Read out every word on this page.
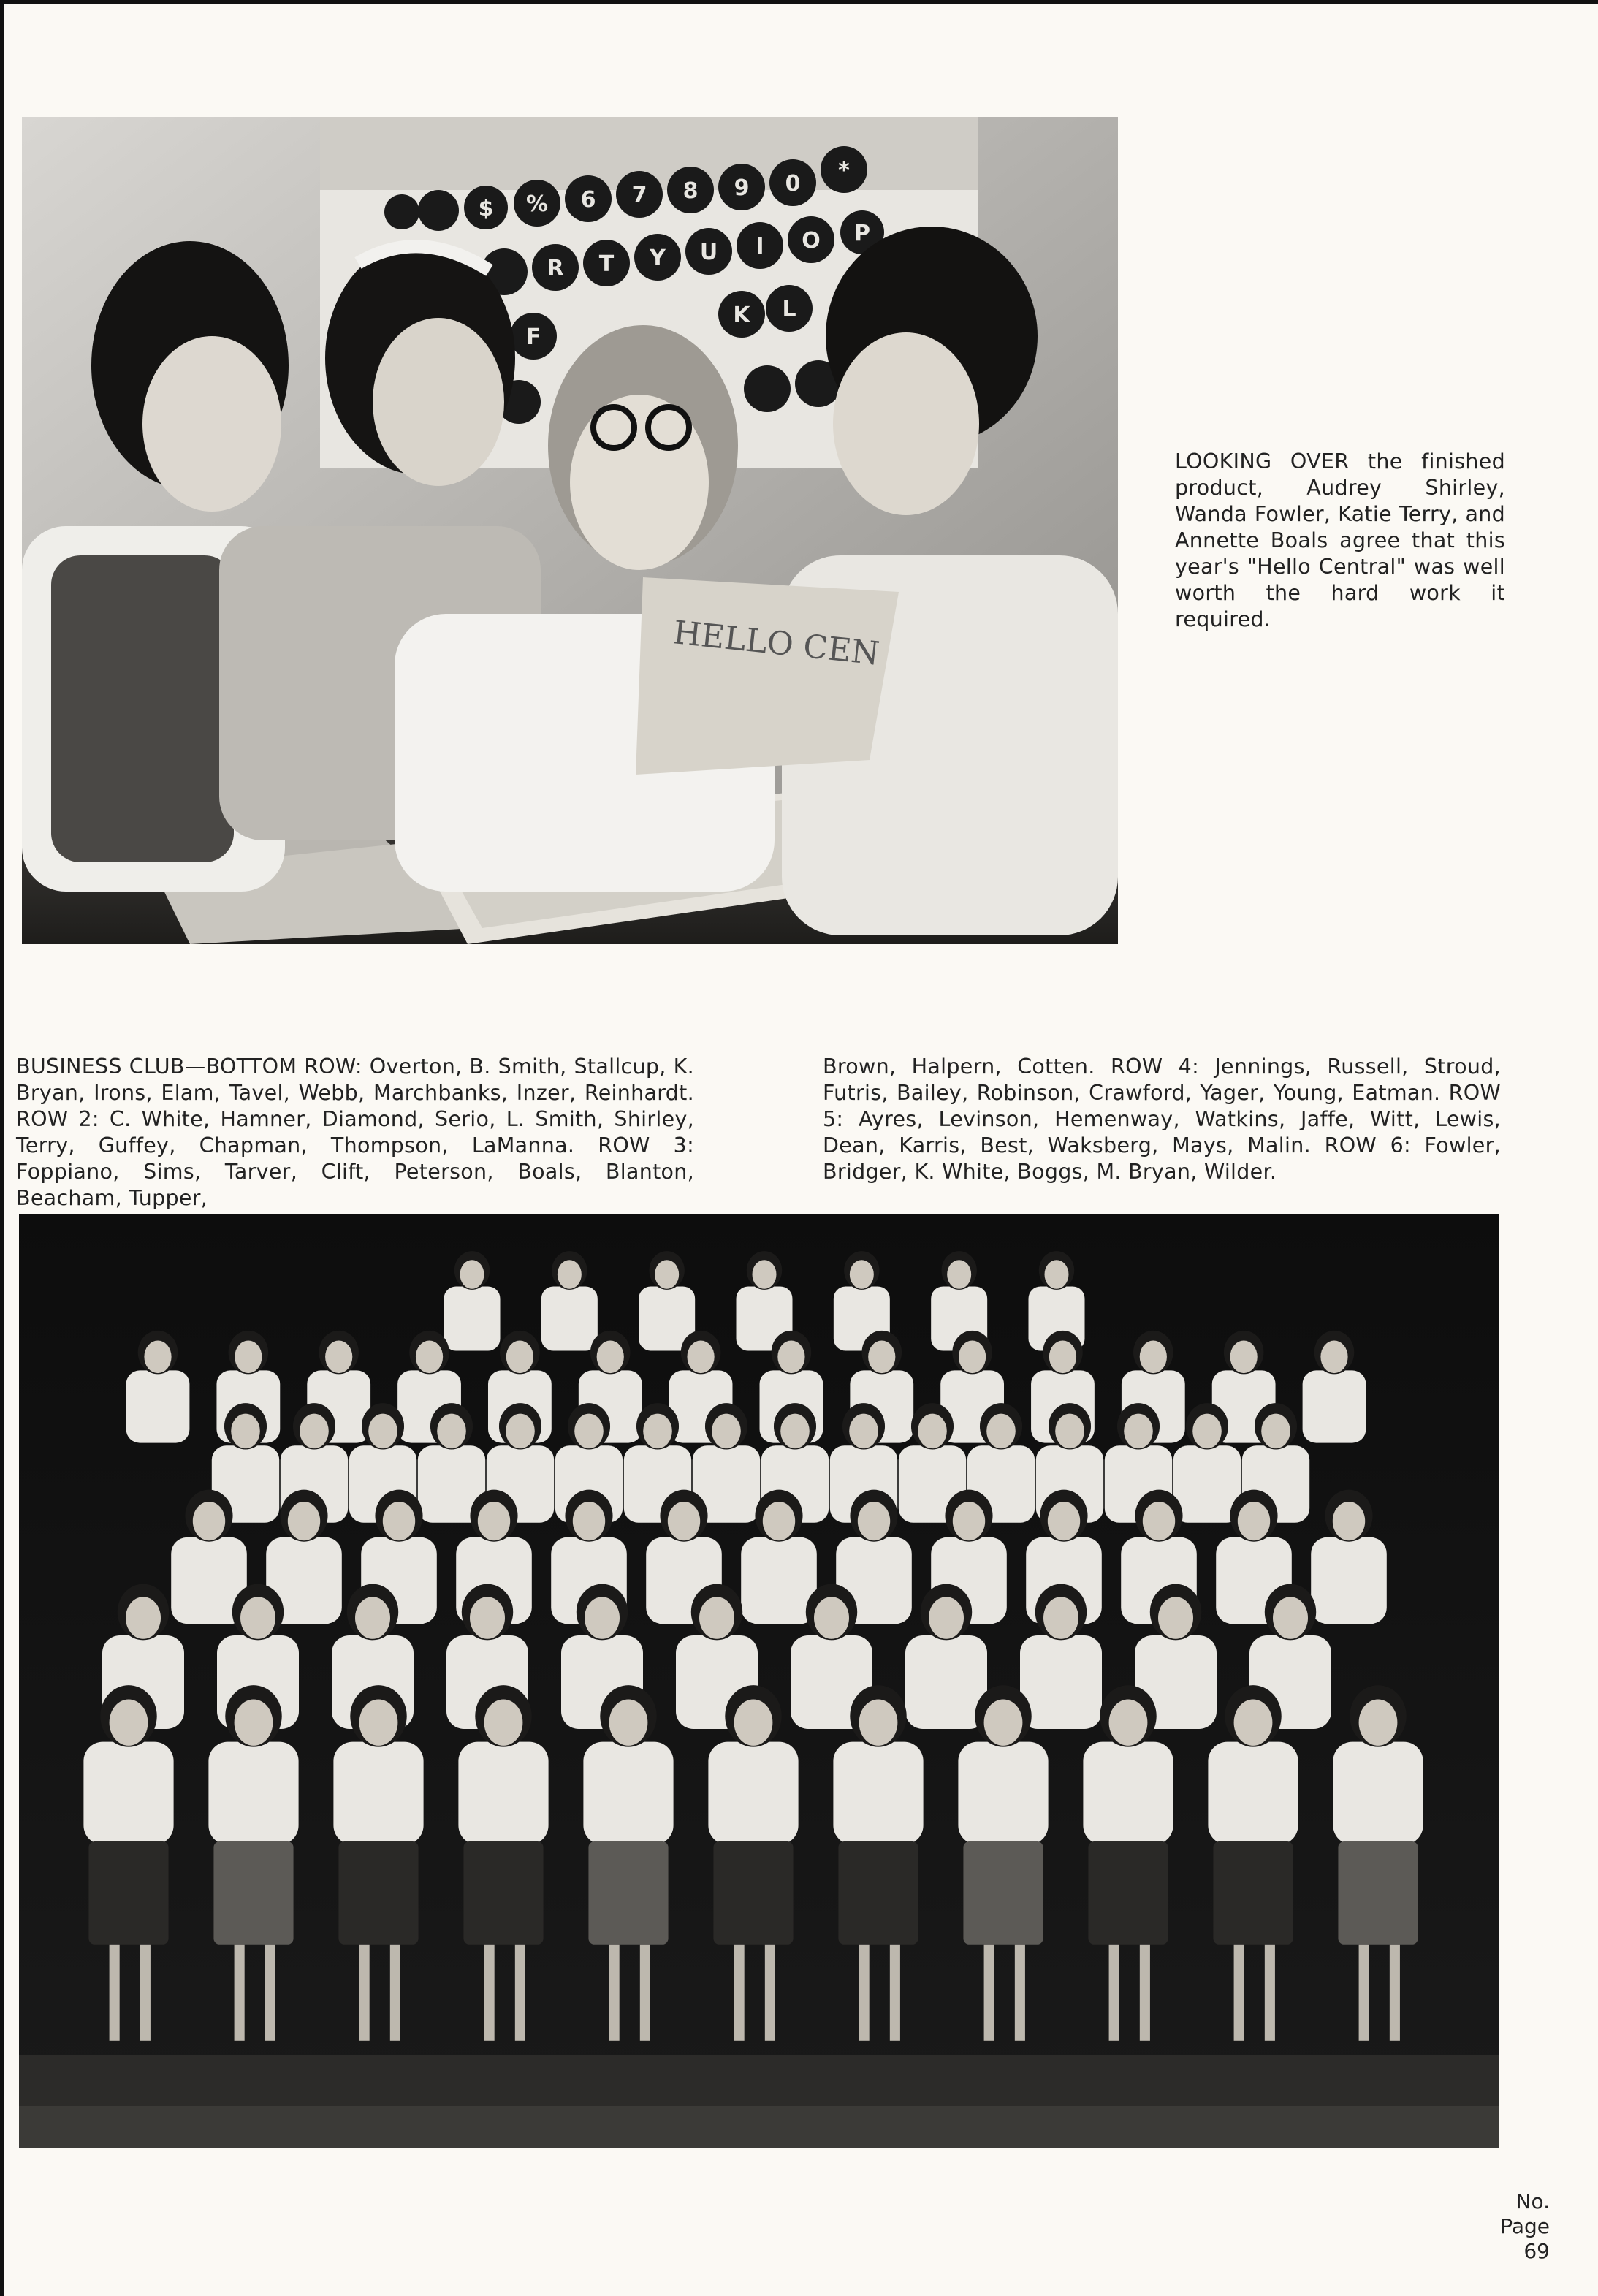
$ % 6 7 8 9 0
*
R T Y U I O P
F
K L
HELLO CEN
LOOKING OVER the finished product, Audrey Shirley, Wanda Fowler, Katie Terry, and Annette Boals agree that this year's "Hello Central" was well worth the hard work it required.
BUSINESS CLUB—BOTTOM ROW: Overton, B. Smith, Stallcup, K. Bryan, Irons, Elam, Tavel, Webb, Marchbanks, Inzer, Reinhardt. ROW 2: C. White, Hamner, Diamond, Serio, L. Smith, Shirley, Terry, Guffey, Chapman, Thompson, LaManna. ROW 3: Foppiano, Sims, Tarver, Clift, Peterson, Boals, Blanton, Beacham, Tupper,
Brown, Halpern, Cotten. ROW 4: Jennings, Russell, Stroud, Futris, Bailey, Robinson, Crawford, Yager, Young, Eatman. ROW 5: Ayres, Levinson, Hemenway, Watkins, Jaffe, Witt, Lewis, Dean, Karris, Best, Waksberg, Mays, Malin. ROW 6: Fowler, Bridger, K. White, Boggs, M. Bryan, Wilder.
No.
Page
69
